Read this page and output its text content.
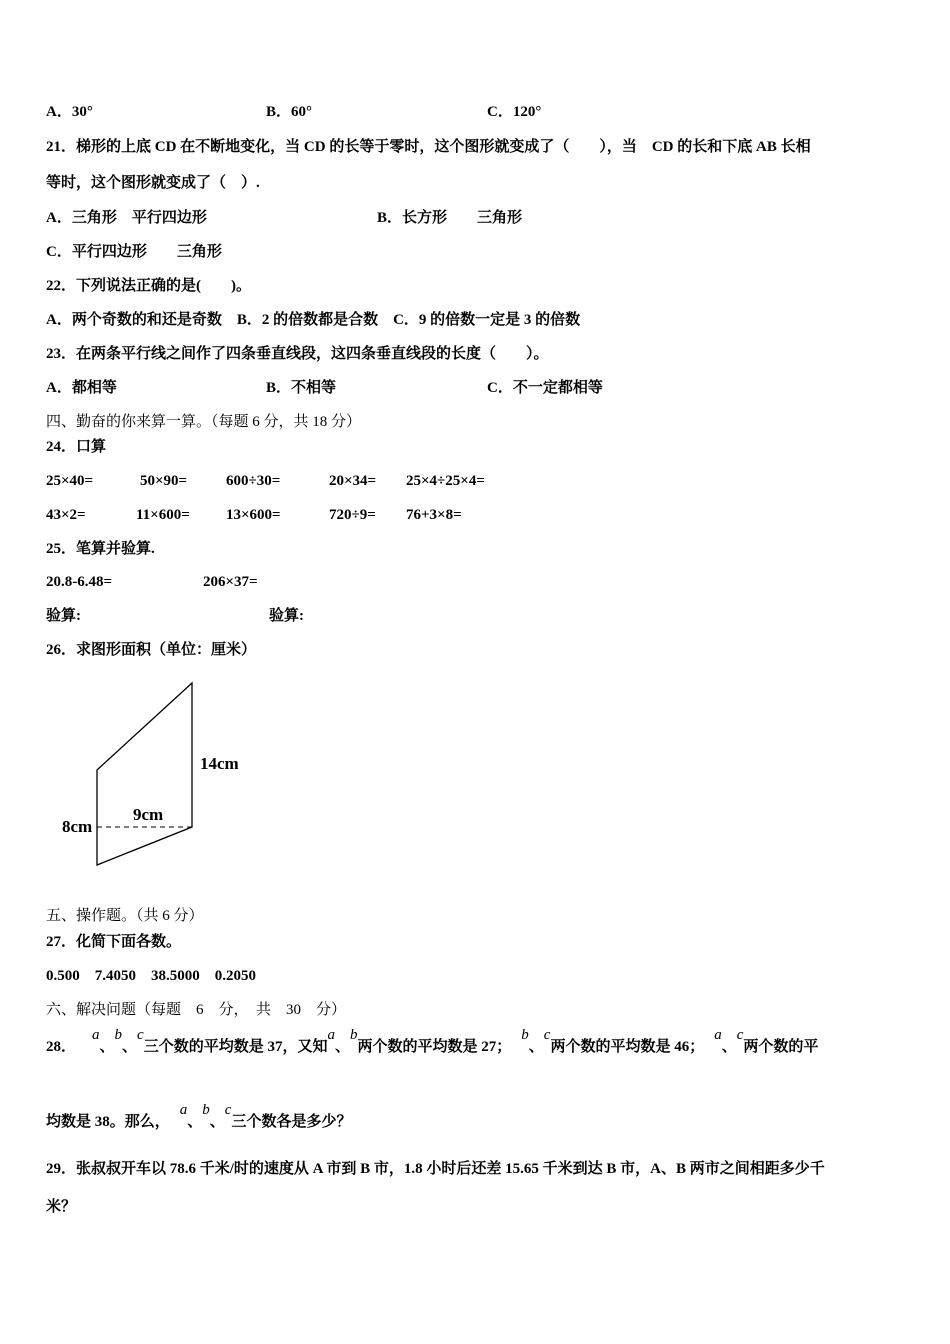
A．30°	B．60°	C．120°
21．梯形的上底 CD 在不断地变化，当 CD 的长等于零时，这个图形就变成了（　　），当　CD 的长和下底 AB 长相
等时，这个图形就变成了（　）.
A．三角形　平行四边形	B．长方形　　三角形
C．平行四边形　　三角形
22．下列说法正确的是(　　)。
A．两个奇数的和还是奇数　B．2 的倍数都是合数　C．9 的倍数一定是 3 的倍数
23．在两条平行线之间作了四条垂直线段，这四条垂直线段的长度（　　）。
A．都相等	B．不相等	C．不一定都相等
四、勤奋的你来算一算。（每题 6 分，共 18 分）
24．口算
25×40=	50×90=	600÷30=	20×34= 25×4÷25×4=
43×2=	11×600= 13×600=	720÷9= 76+3×8=
25．笔算并验算.
20.8-6.48=	206×37=
验算:	验算:
26．求图形面积（单位：厘米）
14cm
9cm
8cm
五、操作题。（共 6 分）
27．化简下面各数。
0.500　7.4050　38.5000　0.2050
六、解决问题（每题　6　分，　共　30　分）
28．a、b、c三个数的平均数是 37，又知a、b两个数的平均数是 27；b、c两个数的平均数是 46；a、c两个数的平
均数是 38。那么，a、b、c三个数各是多少？
29．张叔叔开车以 78.6 千米/时的速度从 A 市到 B 市，1.8 小时后还差 15.65 千米到达 B 市，A、B 两市之间相距多少千
米？
